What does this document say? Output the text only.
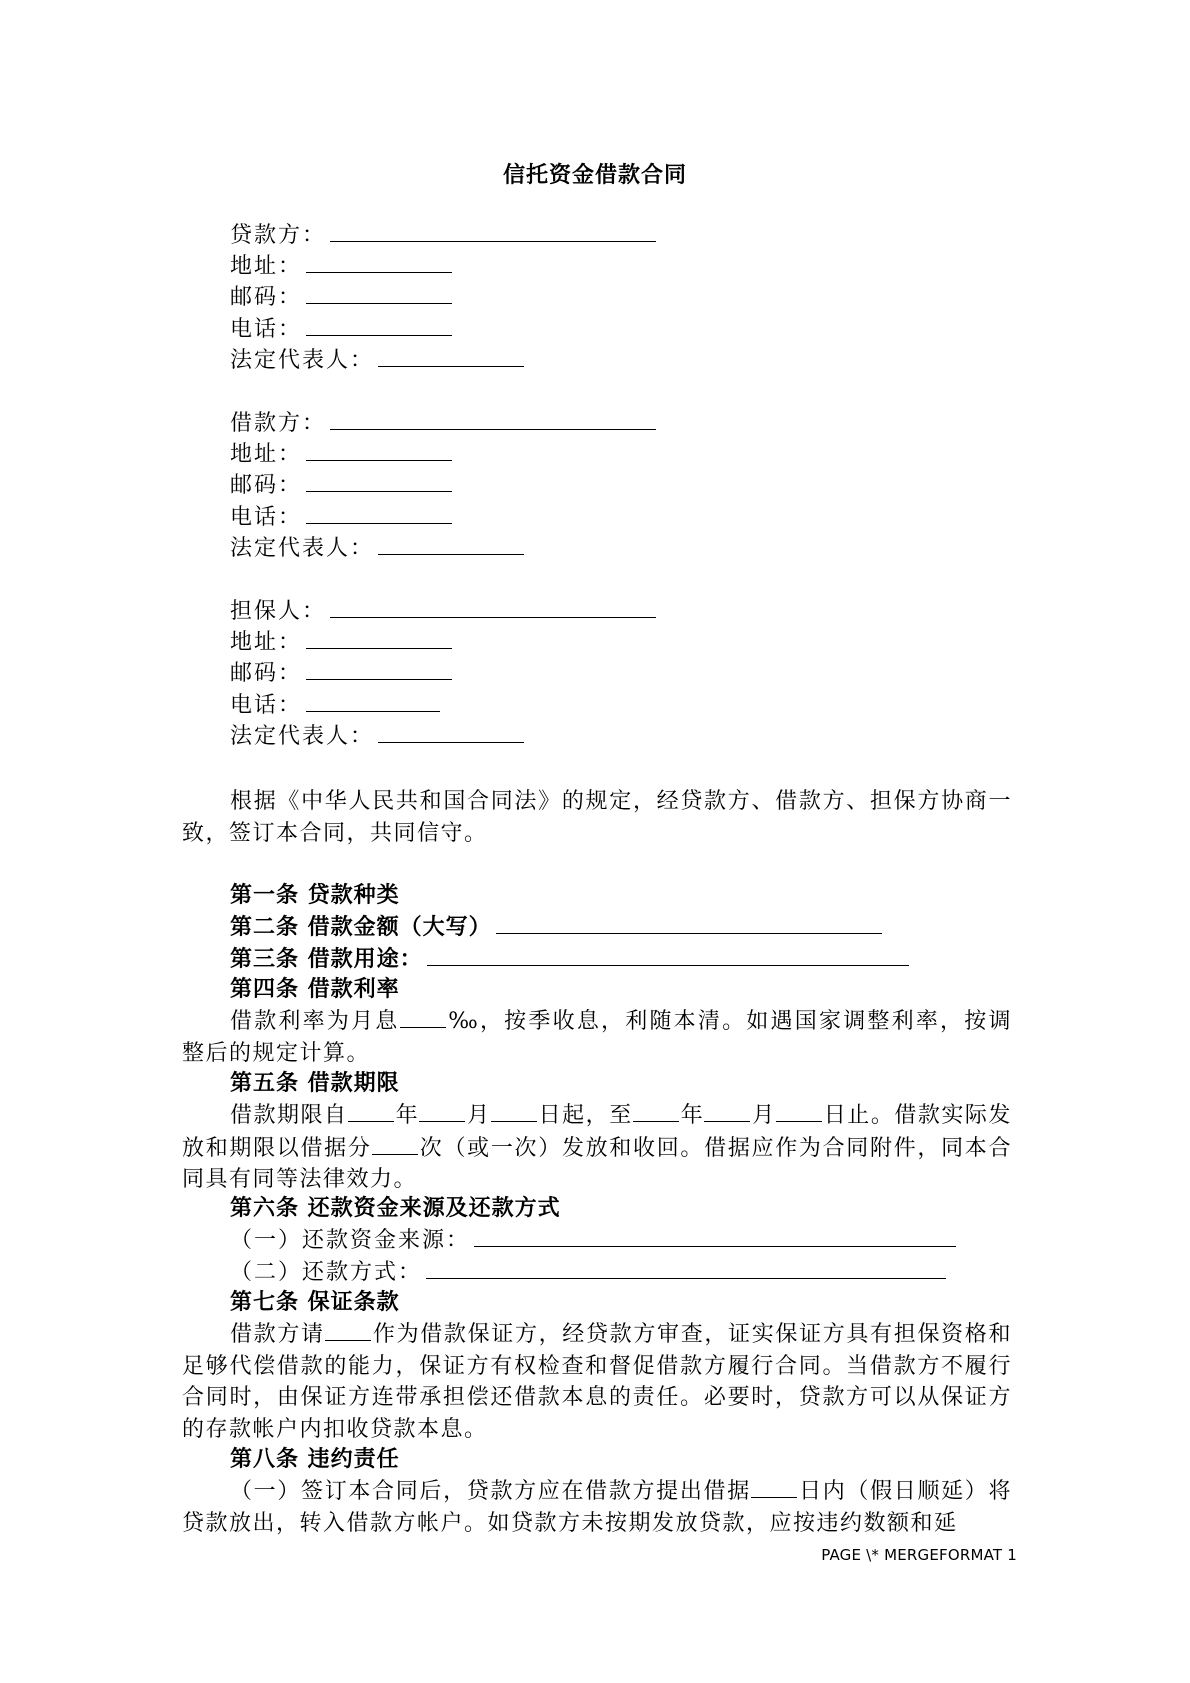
信托资金借款合同
贷款方：
地址：
邮码：
电话：
法定代表人：
借款方：
地址：
邮码：
电话：
法定代表人：
担保人：
地址：
邮码：
电话：
法定代表人：
根据《中华人民共和国合同法》的规定，经贷款方、借款方、担保方协商一致，签订本合同，共同信守。
第一条 贷款种类
第二条 借款金额（大写）
第三条 借款用途：
第四条 借款利率
借款利率为月息 ‰，按季收息，利随本清。如遇国家调整利率，按调整后的规定计算。
第五条 借款期限
借款期限自 年 月 日起，至 年 月 日止。借款实际发放和期限以借据分 次（或一次）发放和收回。借据应作为合同附件，同本合同具有同等法律效力。
第六条 还款资金来源及还款方式
（一）还款资金来源：
（二）还款方式：
第七条 保证条款
借款方请 作为借款保证方，经贷款方审查，证实保证方具有担保资格和足够代偿借款的能力，保证方有权检查和督促借款方履行合同。当借款方不履行合同时，由保证方连带承担偿还借款本息的责任。必要时，贷款方可以从保证方的存款帐户内扣收贷款本息。
第八条 违约责任
（一）签订本合同后，贷款方应在借款方提出借据 日内（假日顺延）将贷款放出，转入借款方帐户。如贷款方未按期发放贷款，应按违约数额和延
PAGE \* MERGEFORMAT 1
